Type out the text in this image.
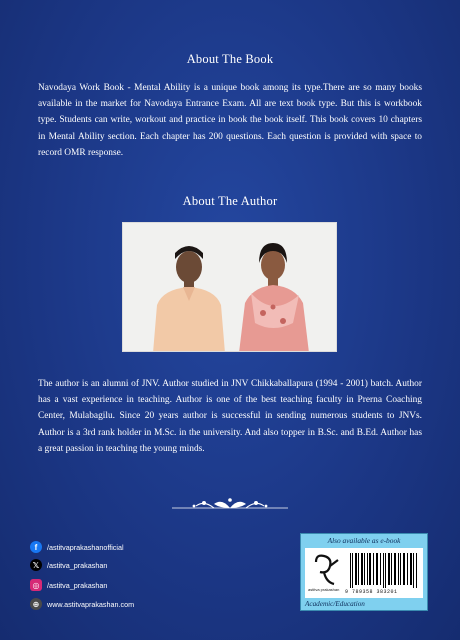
About The Book
Navodaya Work Book - Mental Ability is a unique book among its type.There are so many books available in the market for Navodaya Entrance Exam. All are text book type. But this is workbook type. Students can write, workout and practice in book the book itself. This book covers 10 chapters in Mental Ability section. Each chapter has 200 questions. Each question is provided with space to record OMR response.
About The Author
The author is an alumni of JNV. Author studied in JNV Chikkaballapura (1994 - 2001) batch. Author has a vast experience in teaching. Author is one of the best teaching faculty in Prerna Coaching Center, Mulabagilu. Since 20 years author is successful in sending numerous students to JNVs. Author is a 3rd rank holder in M.Sc. in the university. And also topper in B.Sc. and B.Ed. Author has a great passion in teaching the young minds.
f	/astitvaprakashanofficial
𝕏	/astitva_prakashan
◎	/astitva_prakashan
⊕	www.astitvaprakashan.com
Also available as e-book
astitva prakashan 9 789358 383201
Academic/Education
